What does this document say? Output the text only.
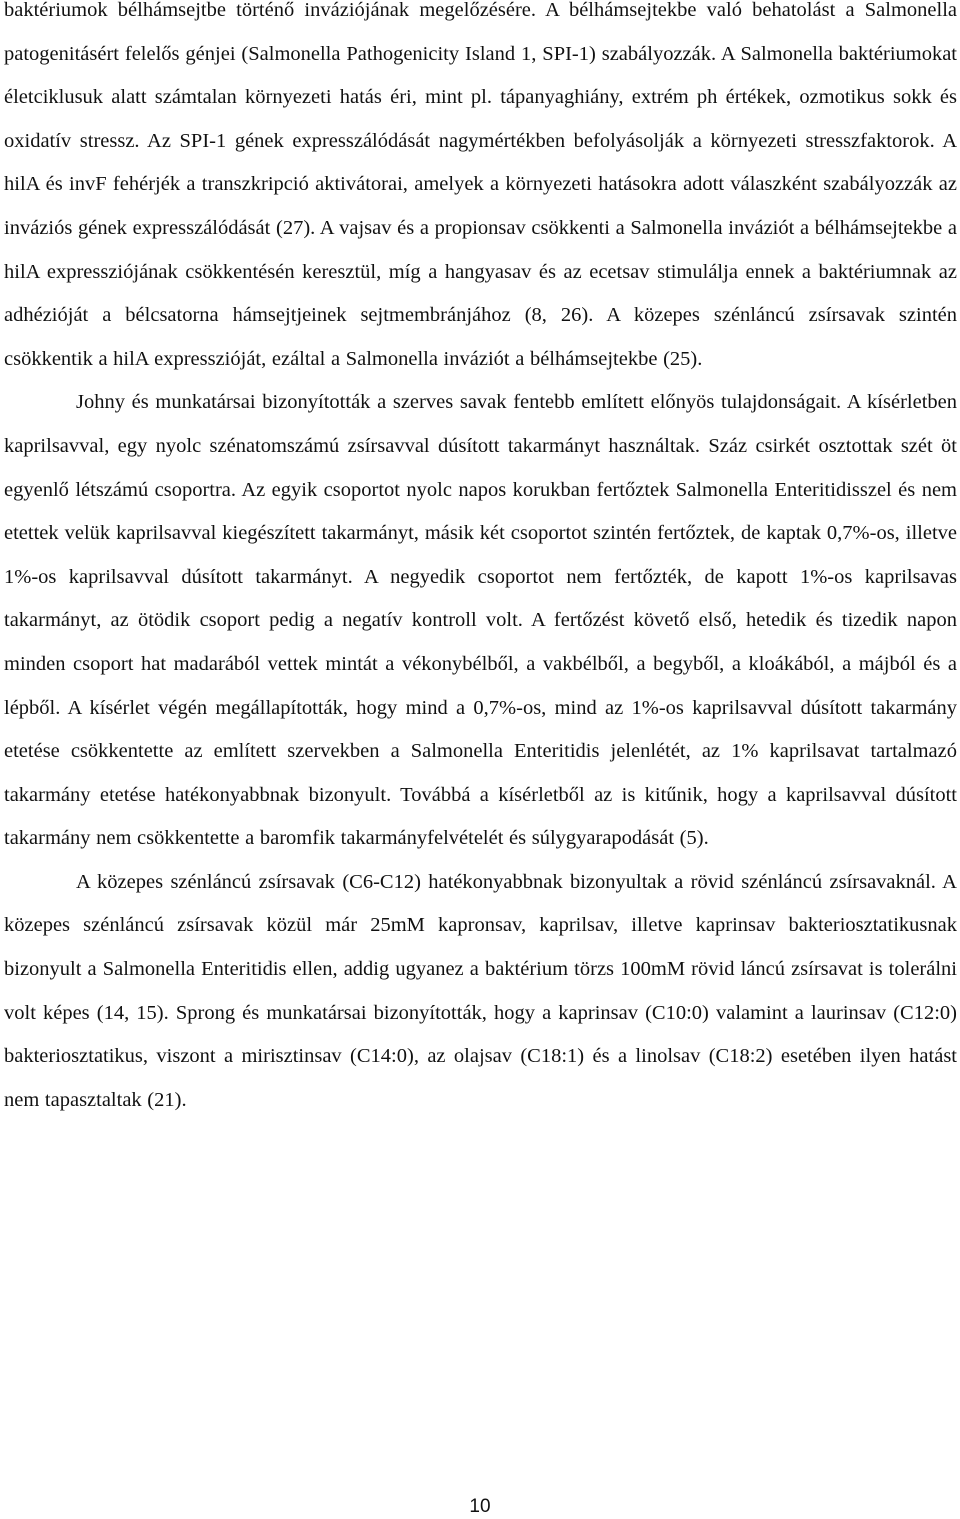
baktériumok bélhámsejtbe történő inváziójának megelőzésére. A bélhámsejtekbe való behatolást a Salmonella patogenitásért felelős génjei (Salmonella Pathogenicity Island 1, SPI-1) szabályozzák. A Salmonella baktériumokat életciklusuk alatt számtalan környezeti hatás éri, mint pl. tápanyaghiány, extrém ph értékek, ozmotikus sokk és oxidatív stressz. Az SPI-1 gének expresszálódását nagymértékben befolyásolják a környezeti stresszfaktorok. A hilA és invF fehérjék a transzkripció aktivátorai, amelyek a környezeti hatásokra adott válaszként szabályozzák az inváziós gének expresszálódását (27). A vajsav és a propionsav csökkenti a Salmonella inváziót a bélhámsejtekbe a hilA expressziójának csökkentésén keresztül, míg a hangyasav és az ecetsav stimulálja ennek a baktériumnak az adhézióját a bélcsatorna hámsejtjeinek sejtmembránjához (8, 26). A közepes szénláncú zsírsavak szintén csökkentik a hilA expresszióját, ezáltal a Salmonella inváziót a bélhámsejtekbe (25).

Johny és munkatársai bizonyították a szerves savak fentebb említett előnyös tulajdonságait. A kísérletben kaprilsavval, egy nyolc szénatomszámú zsírsavval dúsított takarmányt használtak. Száz csirkét osztottak szét öt egyenlő létszámú csoportra. Az egyik csoportot nyolc napos korukban fertőztek Salmonella Enteritidisszel és nem etettek velük kaprilsavval kiegészített takarmányt, másik két csoportot szintén fertőztek, de kaptak 0,7%-os, illetve 1%-os kaprilsavval dúsított takarmányt. A negyedik csoportot nem fertőzték, de kapott 1%-os kaprilsavas takarmányt, az ötödik csoport pedig a negatív kontroll volt. A fertőzést követő első, hetedik és tizedik napon minden csoport hat madarából vettek mintát a vékonybélből, a vakbélből, a begyből, a kloákából, a májból és a lépből. A kísérlet végén megállapították, hogy mind a 0,7%-os, mind az 1%-os kaprilsavval dúsított takarmány etetése csökkentette az említett szervekben a Salmonella Enteritidis jelenlétét, az 1% kaprilsavat tartalmazó takarmány etetése hatékonyabbnak bizonyult. Továbbá a kísérletből az is kitűnik, hogy a kaprilsavval dúsított takarmány nem csökkentette a baromfik takarmányfelvételét és súlygyarapodását (5).

A közepes szénláncú zsírsavak (C6-C12) hatékonyabbnak bizonyultak a rövid szénláncú zsírsavaknál. A közepes szénláncú zsírsavak közül már 25mM kapronsav, kaprilsav, illetve kaprinsav bakteriosztatikusnak bizonyult a Salmonella Enteritidis ellen, addig ugyanez a baktérium törzs 100mM rövid láncú zsírsavat is tolerálni volt képes (14, 15). Sprong és munkatársai bizonyították, hogy a kaprinsav (C10:0) valamint a laurinsav (C12:0) bakteriosztatikus, viszont a mirisztinsav (C14:0), az olajsav (C18:1) és a linolsav (C18:2) esetében ilyen hatást nem tapasztaltak (21).

10
